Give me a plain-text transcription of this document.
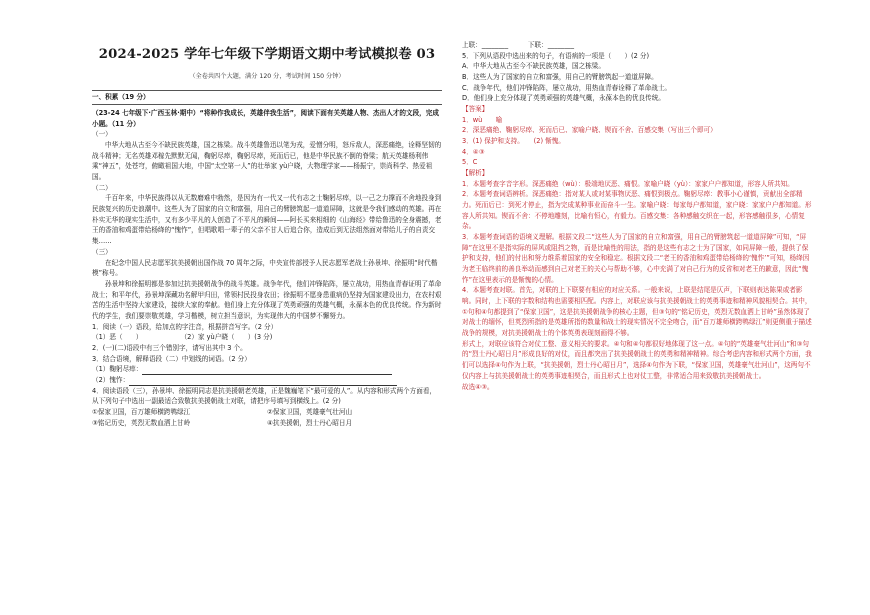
2024-2025 学年七年级下学期语文期中考试模拟卷 03
（全卷共四个大题，满分 120 分，考试时间 150 分钟）
一、积累（19 分）

（23-24 七年级下·广西玉林·期中）“将种作我成长，英雄伴我生活”，阅读下面有关英雄人物、杰出人才的文段，完成小题。（11 分）

（一）

中华大地从古至今不缺民族英雄，国之栋梁。战斗英雄鲁迅以笔为戎，爱憎分明，怒斥敌人，深恶痛绝，诠释坚韧的战斗精神；无名英雄邓稼先默默无闻，鞠躬尽瘁，鞠躬尽瘁，死而后已，他是中华民族不倒的脊梁；航天英雄杨利伟乘“神五”，处苍穹，俯瞰祖国大地，中国“太空第一人”的壮举家 yù户晓，大物理学家——杨振宁，崇尚科学、热爱祖国。

（二）

千百年来，中华民族得以从无数磨难中勃然，是因为有一代又一代有志之士鞠躬尽瘁，以一己之力撑而不舍地投身到民族复兴的历史浪潮中。这些人为了国家的自立和富强，用自己的臂膀筑起一道道屏障，这就是令我们感动的英雄。再在朴实无华的现实生活中，又有多少平凡的人创造了不平凡的瞬间——阿长买来相细的《山海经》带给鲁迅的全身震撼，老王的香油和鸡蛋带给杨绛的“愧怍”，但唱歌唱一辈子的父亲不甘人后追合你，造成后到无法组然面对带给儿子的自责交集……

（三）

在纪念中国人民志愿军抗美援朝出国作战 70 周年之际，中央宣传部授予人民志愿军老战士孙景坤、徐振明“时代楷模”称号。

孙景坤和徐振明都是参加过抗美援朝战争的战斗英雄。战争年代，他们冲锋陷阵，屡立战功，用热血青春证明了革命战士；和平年代，孙景坤深藏功名解甲归田，常领村民投身农田；徐振明不愿身患重病仍坚持为国家建设出力，在农村艰苦的生活中坚持大家建设，接续大家的奉献。他们身上充分体现了英勇顽强的英雄气概，永葆本色的优良传统。作为新时代的学生，我们要崇敬英雄，学习楷模，树立担当意识，为实现伟大的中国梦不懈努力。

1．阅读（一）语段，给加点的字注音，根据拼音写字。（2 分）

（1）恶（　　）	（2）家 yù户晓（　　）(3 分)

2．(一)(二)语段中有三个错别字，请写出其中 3 个。

3．结合语境，解释语段（二）中划线的词语。（2 分）

（1）鞠躬尽瘁：

（2）愧怍：

4．阅读语段（三），孙景坤、徐振明同志是抗美援朝老英雄，正是魏巍笔下“最可爱的人”。从内容和形式两个方面看，从下列句子中选出一副最适合致敬抗美援朝战士对联，请把序号填写到横线上。(2 分)

①保家卫国，百万雄师横跨鸭绿江	②保家卫国，英雄豪气壮河山
③铭记历史，英烈无数血洒上甘岭	④抗美援朝，烈士丹心昭日月

上联：________　　　下联：________

5．下列从语段中选出来的句子，有语病的一项是（　　）(2 分)

A．中华大地从古至今不缺民族英雄，国之栋梁。

B．这些人为了国家的自立和富强，用自己的臂膀筑起一道道屏障。

C．战争年代，他们冲锋陷阵，屡立战功，用热血青春诠释了革命战士。

D．他们身上充分体现了英勇顽强的英雄气概，永葆本色的优良传统。

【答案】

1．wù　　喻

2．深恶痛绝、鞠躬尽瘁、死而后已、家喻户晓、锲而不舍、百感交集（写出三个即可）

3．(1) 保护和支持。　　(2) 惭愧。

4．④③

5．C

【解析】

1．本题考查字音字形。深恶痛绝（wù）：极端地厌恶、痛恨。家喻户晓（yù）：家家户户都知道，形容人所共知。

2．本题考查词语辨析。深恶痛绝：指对某人或对某事物厌恶、痛恨到极点。鞠躬尽瘁：教事小心谨慎，贡献出全部精力。死而后已：到死才停止，指为完成某种事业而奋斗一生。家喻户晓：每家每户都知道，家户晓：家家户户都知道。形容人所共知。锲而不舍：不停地雕刻，比喻有恒心，有毅力。百感交集：各种感触交织在一起，形容感触很多，心情复杂。

3．本题考查词语的语境义理解。根据文段二“这些人为了国家的自立和富强，用自己的臂膀筑起一道道屏障”可知，“屏障”在这里不是指实际的屏风或阻挡之物，而是比喻性的用法，指的是这些有志之士为了国家，如同屏障一般，提供了保护和支持，他们的付出和努力维系着国家的安全和稳定。根据文段二“老王的香油和鸡蛋带给杨绛的‘愧怍’”可知，杨绛因为老王临终前的善良举动而感到自己对老王的关心与帮助不够，心中充满了对自己行为的反省和对老王的歉意，因此“愧怍”在这里表示的是惭愧的心情。

4．本题考查对联。首先，对联的上下联要有相应的对应关系。一般来说，上联是结尾是仄声，下联则表达陈果或者影响。同时，上下联的字数和结构也需要相匹配。内容上，对联应该与抗美援朝战士的英勇事迹和精神风貌相契合。其中，①句和④句都提到了“保家卫国”，这是抗美援朝战争的核心主题，但③句的“铭记历史，英烈无数血洒上甘岭”虽然体现了对战士的缅怀，但英烈所指的是英雄所指的数量和战士的现实情况不完全吻合，而“百万雄师横跨鸭绿江”则更侧重于描述战争的规模，对抗美援朝战士的个体英勇表现刻画得不够。

形式上，对联应该符合对仗工整、意义相关的要求。④句和④句都很好地体现了这一点。④句的“英雄豪气壮河山”和③句的“烈士丹心昭日月”形成良好的对仗，而且都突出了抗美援朝战士的英勇和精神精神。综合考虑内容和形式两个方面，我们可以选择④句作为上联，“抗美援朝，烈士丹心昭日月”，选择④句作为下联，“保家卫国，英雄豪气壮河山”，这两句不仅内容上与抗美援朝战士的英勇事迹相契合，而且形式上也对仗工整，非常适合用来致敬抗美援朝战士。

故选④③。
